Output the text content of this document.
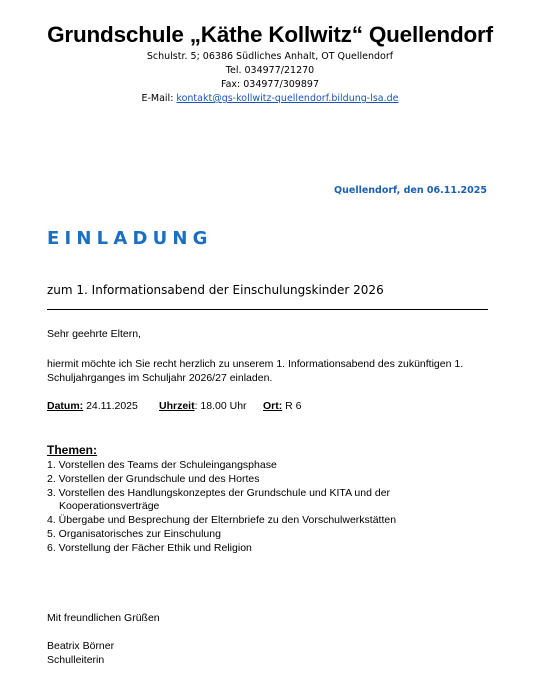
Grundschule „Käthe Kollwitz“ Quellendorf
Schulstr. 5; 06386 Südliches Anhalt, OT Quellendorf
Tel. 034977/21270
Fax: 034977/309897
E-Mail: kontakt@gs-kollwitz-quellendorf.bildung-lsa.de
Quellendorf, den 06.11.2025
EINLADUNG
zum 1. Informationsabend der Einschulungskinder 2026
Sehr geehrte Eltern,
hiermit möchte ich Sie recht herzlich zu unserem 1. Informationsabend des zukünftigen 1.
Schuljahrganges im Schuljahr 2026/27 einladen.
Datum: 24.11.2025 Uhrzeit: 18.00 Uhr Ort: R 6
Themen:
1. Vorstellen des Teams der Schuleingangsphase
2. Vorstellen der Grundschule und des Hortes
3. Vorstellen des Handlungskonzeptes der Grundschule und KITA und der
Kooperationsverträge
4. Übergabe und Besprechung der Elternbriefe zu den Vorschulwerkstätten
5. Organisatorisches zur Einschulung
6. Vorstellung der Fächer Ethik und Religion
Mit freundlichen Grüßen
Beatrix Börner
Schulleiterin
